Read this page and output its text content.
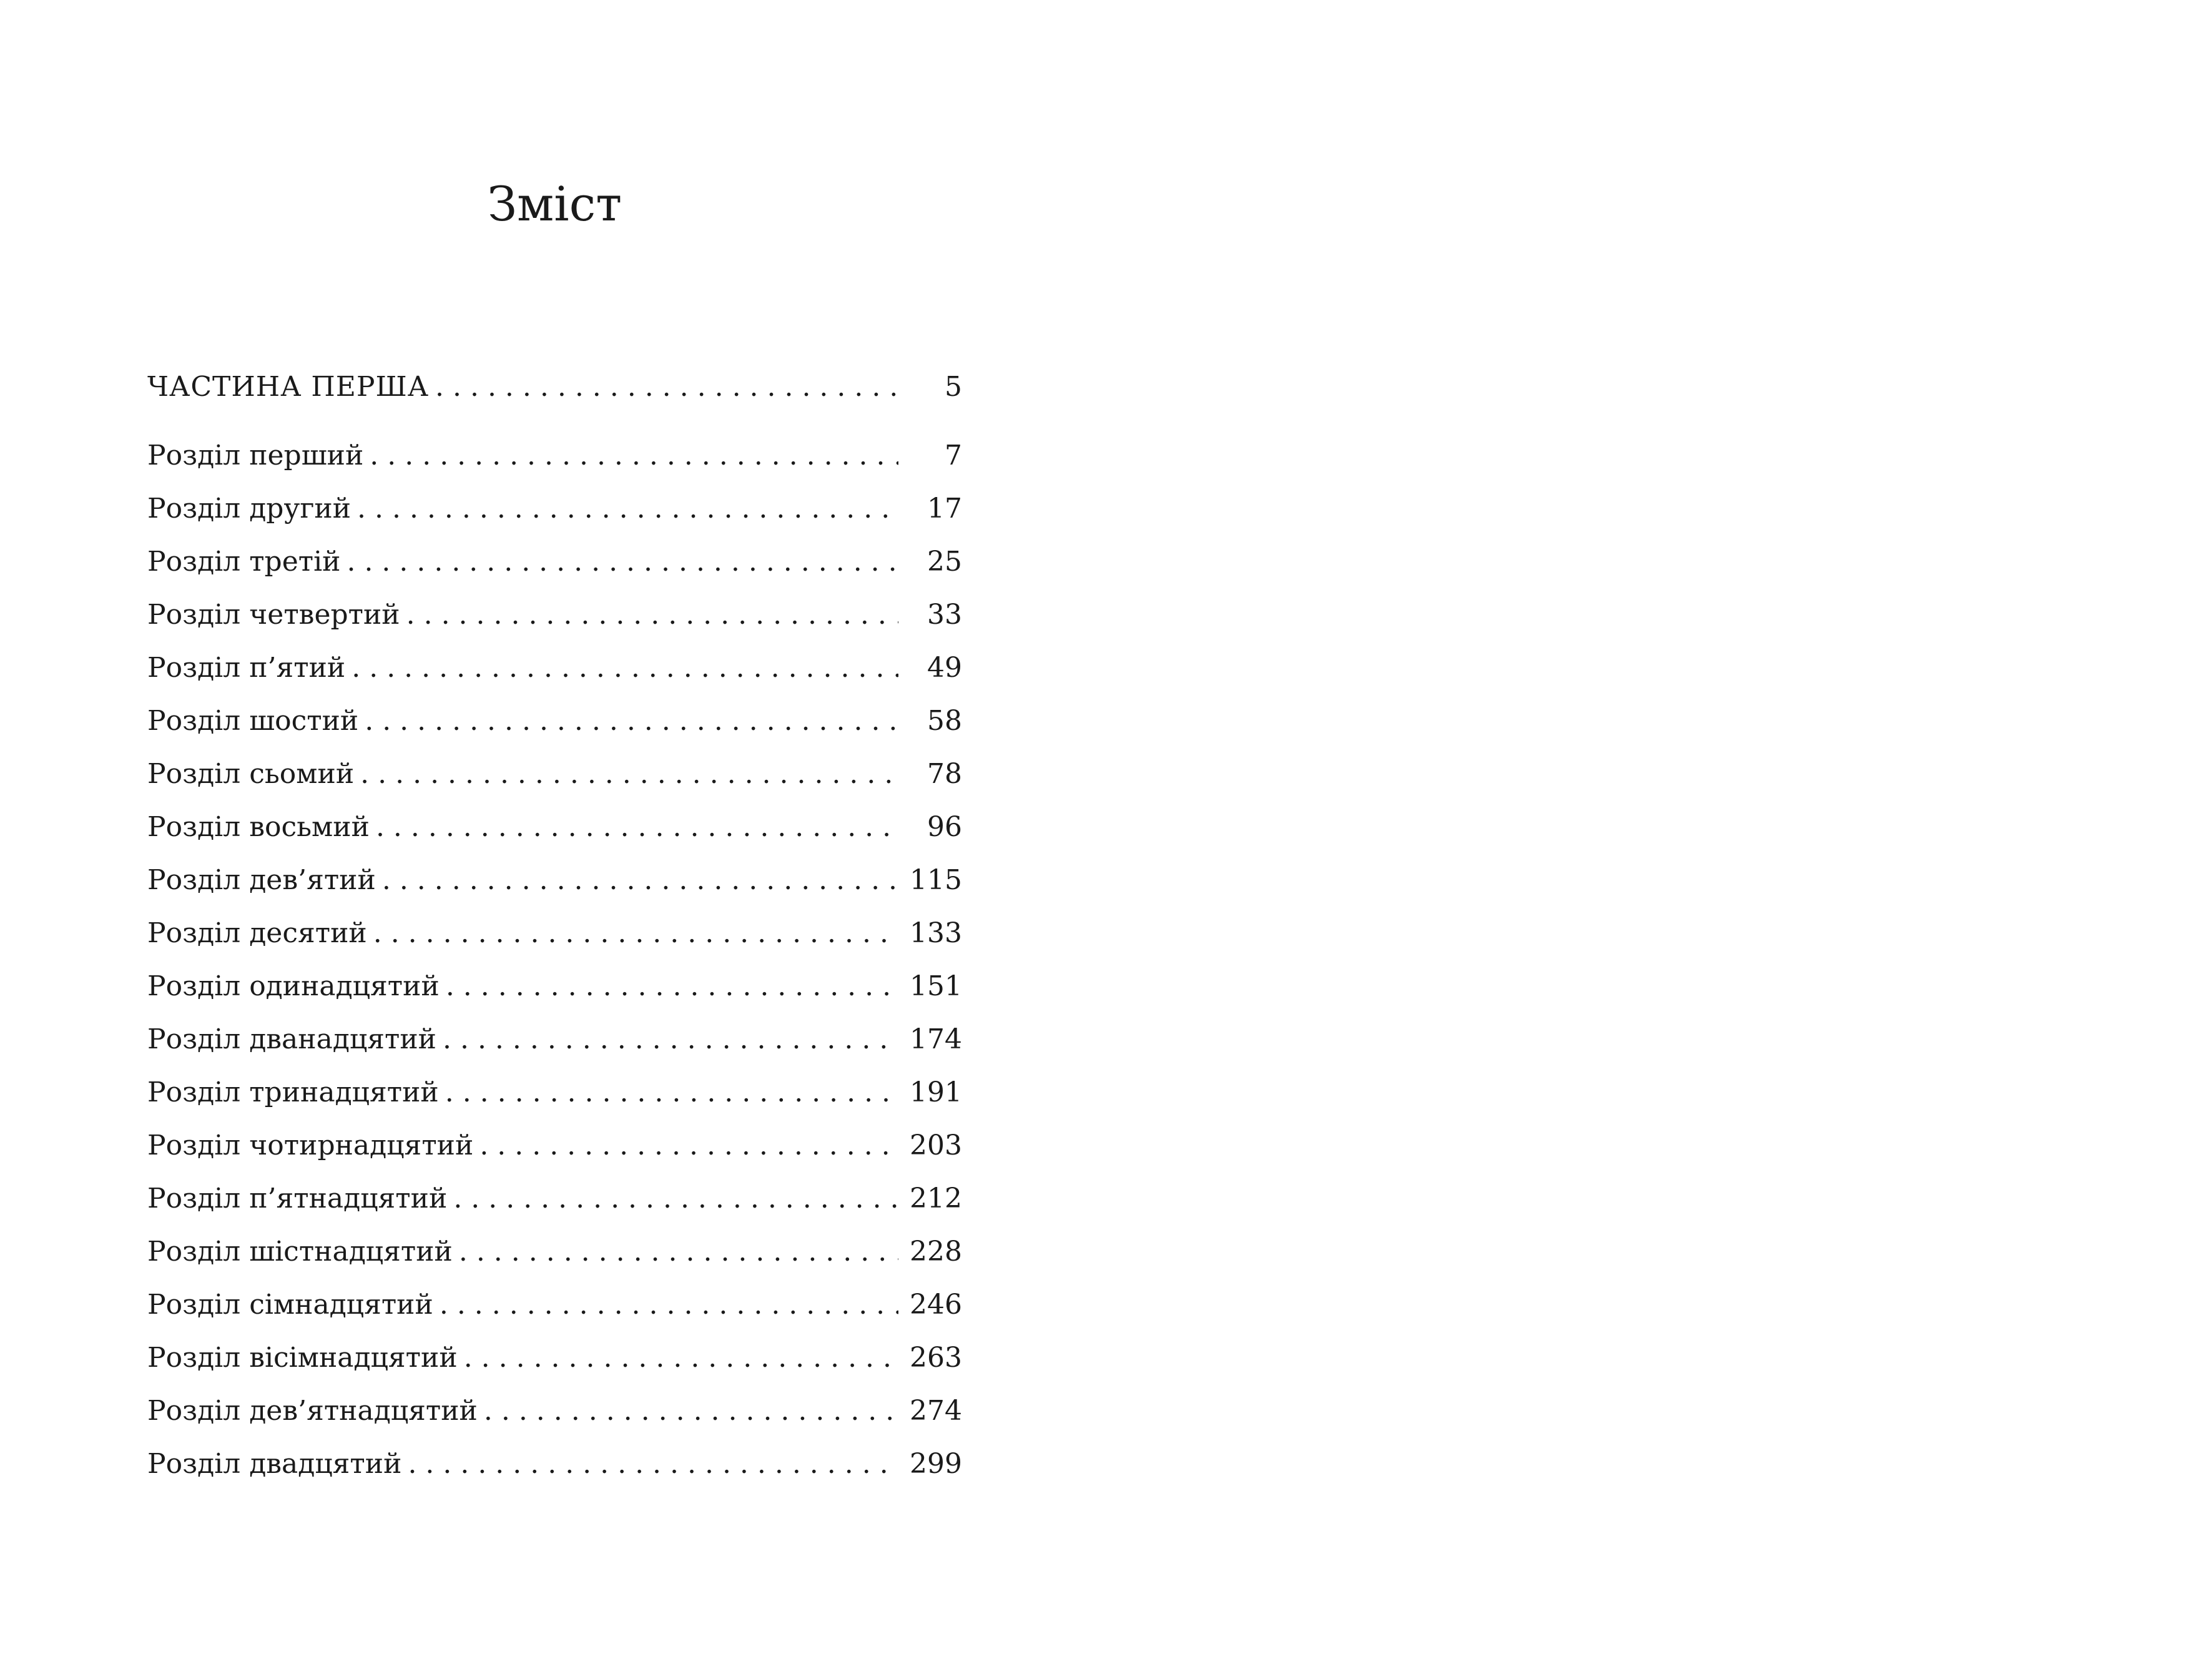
Зміст
ЧАСТИНА ПЕРША . . .	5
Розділ перший . . .	7
Розділ другий . . .	17
Розділ третій . . .	25
Розділ четвертий . . .	33
Розділ п’ятий . . .	49
Розділ шостий . . .	58
Розділ сьомий . . .	78
Розділ восьмий . . .	96
Розділ дев’ятий . . .	115
Розділ десятий . . .	133
Розділ одинадцятий . . .	151
Розділ дванадцятий . . .	174
Розділ тринадцятий . . .	191
Розділ чотирнадцятий . . .	203
Розділ п’ятнадцятий . . .	212
Розділ шістнадцятий . . .	228
Розділ сімнадцятий . . .	246
Розділ вісімнадцятий . . .	263
Розділ дев’ятнадцятий . . .	274
Розділ двадцятий . . .	299
